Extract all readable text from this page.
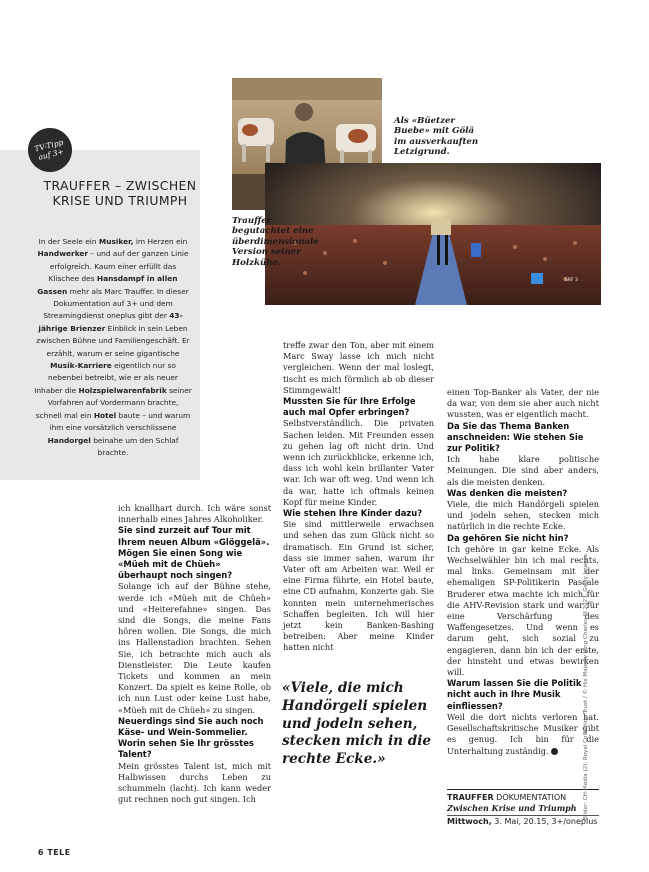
SRF 3
Als «Büetzer Buebe» mit Gölä im ausverkauften Letzigrund.
TV-Tipp auf 3+
TRAUFFER – ZWISCHEN KRISE UND TRIUMPH
In der Seele ein Musiker, im Herzen ein Handwerker – und auf der ganzen Linie erfolgreich. Kaum einer erfüllt das Klischee des Hansdampf in allen Gassen mehr als Marc Trauffer. In dieser Dokumentation auf 3+ und dem Streamingdienst oneplus gibt der 43-jährige Brienzer Einblick in sein Leben zwischen Bühne und Familiengeschäft. Er erzählt, warum er seine gigantische Musik-Karriere eigentlich nur so nebenbei betreibt, wie er als neuer Inhaber die Holzspielwarenfabrik seiner Vorfahren auf Vordermann brachte, schnell mal ein Hotel baute – und warum ihm eine vorsätzlich verschlissene Handorgel beinahe um den Schlaf brachte.
Trauffer begutachtet eine überdimensionale Version seiner Holzkühe.

ich knallhart durch. Ich wäre sonst innerhalb eines Jahres Alkoholiker.

Sie sind zurzeit auf Tour mit Ihrem neuen Album «Glöggelä». Mögen Sie einen Song wie «Müeh mit de Chüeh» überhaupt noch singen?

Solange ich auf der Bühne stehe, werde ich «Müeh mit de Chüeh» und «Heiterefahne» singen. Das sind die Songs, die meine Fans hören wollen. Die Songs, die mich ins Hallenstadion brachten. Sehen Sie, ich betrachte mich auch als Dienstleister. Die Leute kaufen Tickets und kommen an mein Konzert. Da spielt es keine Rolle, ob ich nun Lust oder keine Lust habe, «Müeh mit de Chüeh» zu singen.

Neuerdings sind Sie auch noch Käse- und Wein-Sommelier. Worin sehen Sie Ihr grösstes Talent?

Mein grösstes Talent ist, mich mit Halbwissen durchs Leben zu schummeln (lacht). Ich kann weder gut rechnen noch gut singen. Ich

treffe zwar den Ton, aber mit einem Marc Sway lasse ich mich nicht vergleichen. Wenn der mal loslegt, tischt es mich förmlich ab ob dieser Stimmgewalt!

Mussten Sie für Ihre Erfolge auch mal Opfer erbringen?

Selbstverständlich. Die privaten Sachen leiden. Mit Freunden essen zu gehen lag oft nicht drin. Und wenn ich zurückblicke, erkenne ich, dass ich wohl kein brillanter Vater war. Ich war oft weg. Und wenn ich da war, hatte ich oftmals keinen Kopf für meine Kinder.

Wie stehen Ihre Kinder dazu?

Sie sind mittlerweile erwachsen und sehen das zum Glück nicht so dramatisch. Ein Grund ist sicher, dass sie immer sahen, warum ihr Vater oft am Arbeiten war. Weil er eine Firma führte, ein Hotel baute, eine CD aufnahm, Konzerte gab. Sie konnten mein unternehmerisches Schaffen begleiten. Ich will hier jetzt kein Banken-Bashing betreiben: Aber meine Kinder hatten nicht

einen Top-Banker als Vater, der nie da war, von dem sie aber auch nicht wussten, was er eigentlich macht.

Da Sie das Thema Banken anschneiden: Wie stehen Sie zur Politik?

Ich habe klare politische Meinungen. Die sind aber anders, als die meisten denken.

Was denken die meisten?

Viele, die mich Handörgeli spielen und jodeln sehen, stecken mich natürlich in die rechte Ecke.

Da gehören Sie nicht hin?

Ich gehöre in gar keine Ecke. Als Wechselwähler bin ich mal rechts, mal links. Gemeinsam mit der ehemaligen SP-Politikerin Pascale Bruderer etwa machte ich mich für die AHV-Revision stark und war für eine Verschärfung des Waffengesetzes. Und wenn es darum geht, sich sozial zu engagieren, dann bin ich der erste, der hinsteht und etwas bewirken will.

Warum lassen Sie die Politik nicht auch in Ihre Musik einfliessen?

Weil die dort nichts verloren hat. Gesellschaftskritische Musiker gibt es genug. Ich bin für die Unterhaltung zuständig.

«Viele, die mich Handörgeli spielen und jodeln sehen, stecken mich in die rechte Ecke.»
TRAUFFER DOKUMENTATION
Zwischen Krise und Triumph
Mittwoch, 3. Mai, 20.15, 3+/oneplus
6 TELE
Bilder: CH-Media (2), Royal Collection Trust / © His Majesty King Charles III 2023, Getty Images
